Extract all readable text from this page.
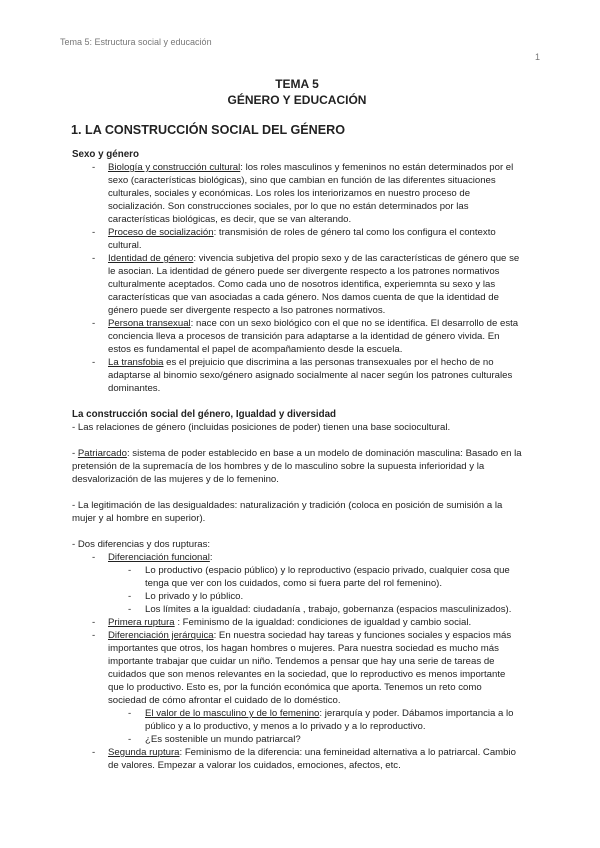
Tema 5: Estructura social y educación
1

TEMA 5

GÉNERO Y EDUCACIÓN

1. LA CONSTRUCCIÓN SOCIAL DEL GÉNERO

Sexo y género

- Biología y construcción cultural: los roles masculinos y femeninos no están determinados por el sexo (características biológicas), sino que cambian en función de las diferentes situaciones culturales, sociales y económicas. Los roles los interiorizamos en nuestro proceso de socialización. Son construcciones sociales, por lo que no están determinados por las características biológicas, es decir, que se van alterando.
- Proceso de socialización: transmisión de roles de género tal como los configura el contexto cultural.
- Identidad de género: vivencia subjetiva del propio sexo y de las características de género que se le asocian. La identidad de género puede ser divergente respecto a los patrones normativos culturalmente aceptados. Como cada uno de nosotros identifica, experiemnta su sexo y las características que van asociadas a cada género. Nos damos cuenta de que la identidad de género puede ser divergente respecto a lso patrones normativos.
- Persona transexual: nace con un sexo biológico con el que no se identifica. El desarrollo de esta conciencia lleva a procesos de transición para adaptarse a la identidad de género vivida. En estos es fundamental el papel de acompañamiento desde la escuela.
- La transfobia es el prejuicio que discrimina a las personas transexuales por el hecho de no adaptarse al binomio sexo/género asignado socialmente al nacer según los patrones culturales dominantes.

La construcción social del género, Igualdad y diversidad

- Las relaciones de género (incluidas posiciones de poder) tienen una base sociocultural.

- Patriarcado: sistema de poder establecido en base a un modelo de dominación masculina: Basado en la pretensión de la supremacía de los hombres y de lo masculino sobre la supuesta inferioridad y la desvalorización de las mujeres y de lo femenino.

- La legitimación de las desigualdades: naturalización y tradición (coloca en posición de sumisión a la mujer y al hombre en superior).

- Dos diferencias y dos rupturas:

- Diferenciación funcional:
- Lo productivo (espacio público) y lo reproductivo (espacio privado, cualquier cosa que tenga que ver con los cuidados, como si fuera parte del rol femenino).
- Lo privado y lo público.
- Los límites a la igualdad: ciudadanía , trabajo, gobernanza (espacios masculinizados).
- Primera ruptura : Feminismo de la igualdad: condiciones de igualdad y cambio social.
- Diferenciación jerárquica: En nuestra sociedad hay tareas y funciones sociales y espacios más importantes que otros, los hagan hombres o mujeres. Para nuestra sociedad es mucho más importante trabajar que cuidar un niño. Tendemos a pensar que hay una serie de tareas de cuidados que son menos relevantes en la sociedad, que lo reproductivo es menos importante que lo productivo. Esto es, por la función económica que aporta. Tenemos un reto como sociedad de cómo afrontar el cuidado de lo doméstico.
- El valor de lo masculino y de lo femenino: jerarquía y poder. Dábamos importancia a lo público y a lo productivo, y menos a lo privado y a lo reproductivo.
- ¿Es sostenible un mundo patriarcal?
- Segunda ruptura: Feminismo de la diferencia: una femineidad alternativa a lo patriarcal. Cambio de valores. Empezar a valorar los cuidados, emociones, afectos, etc.
